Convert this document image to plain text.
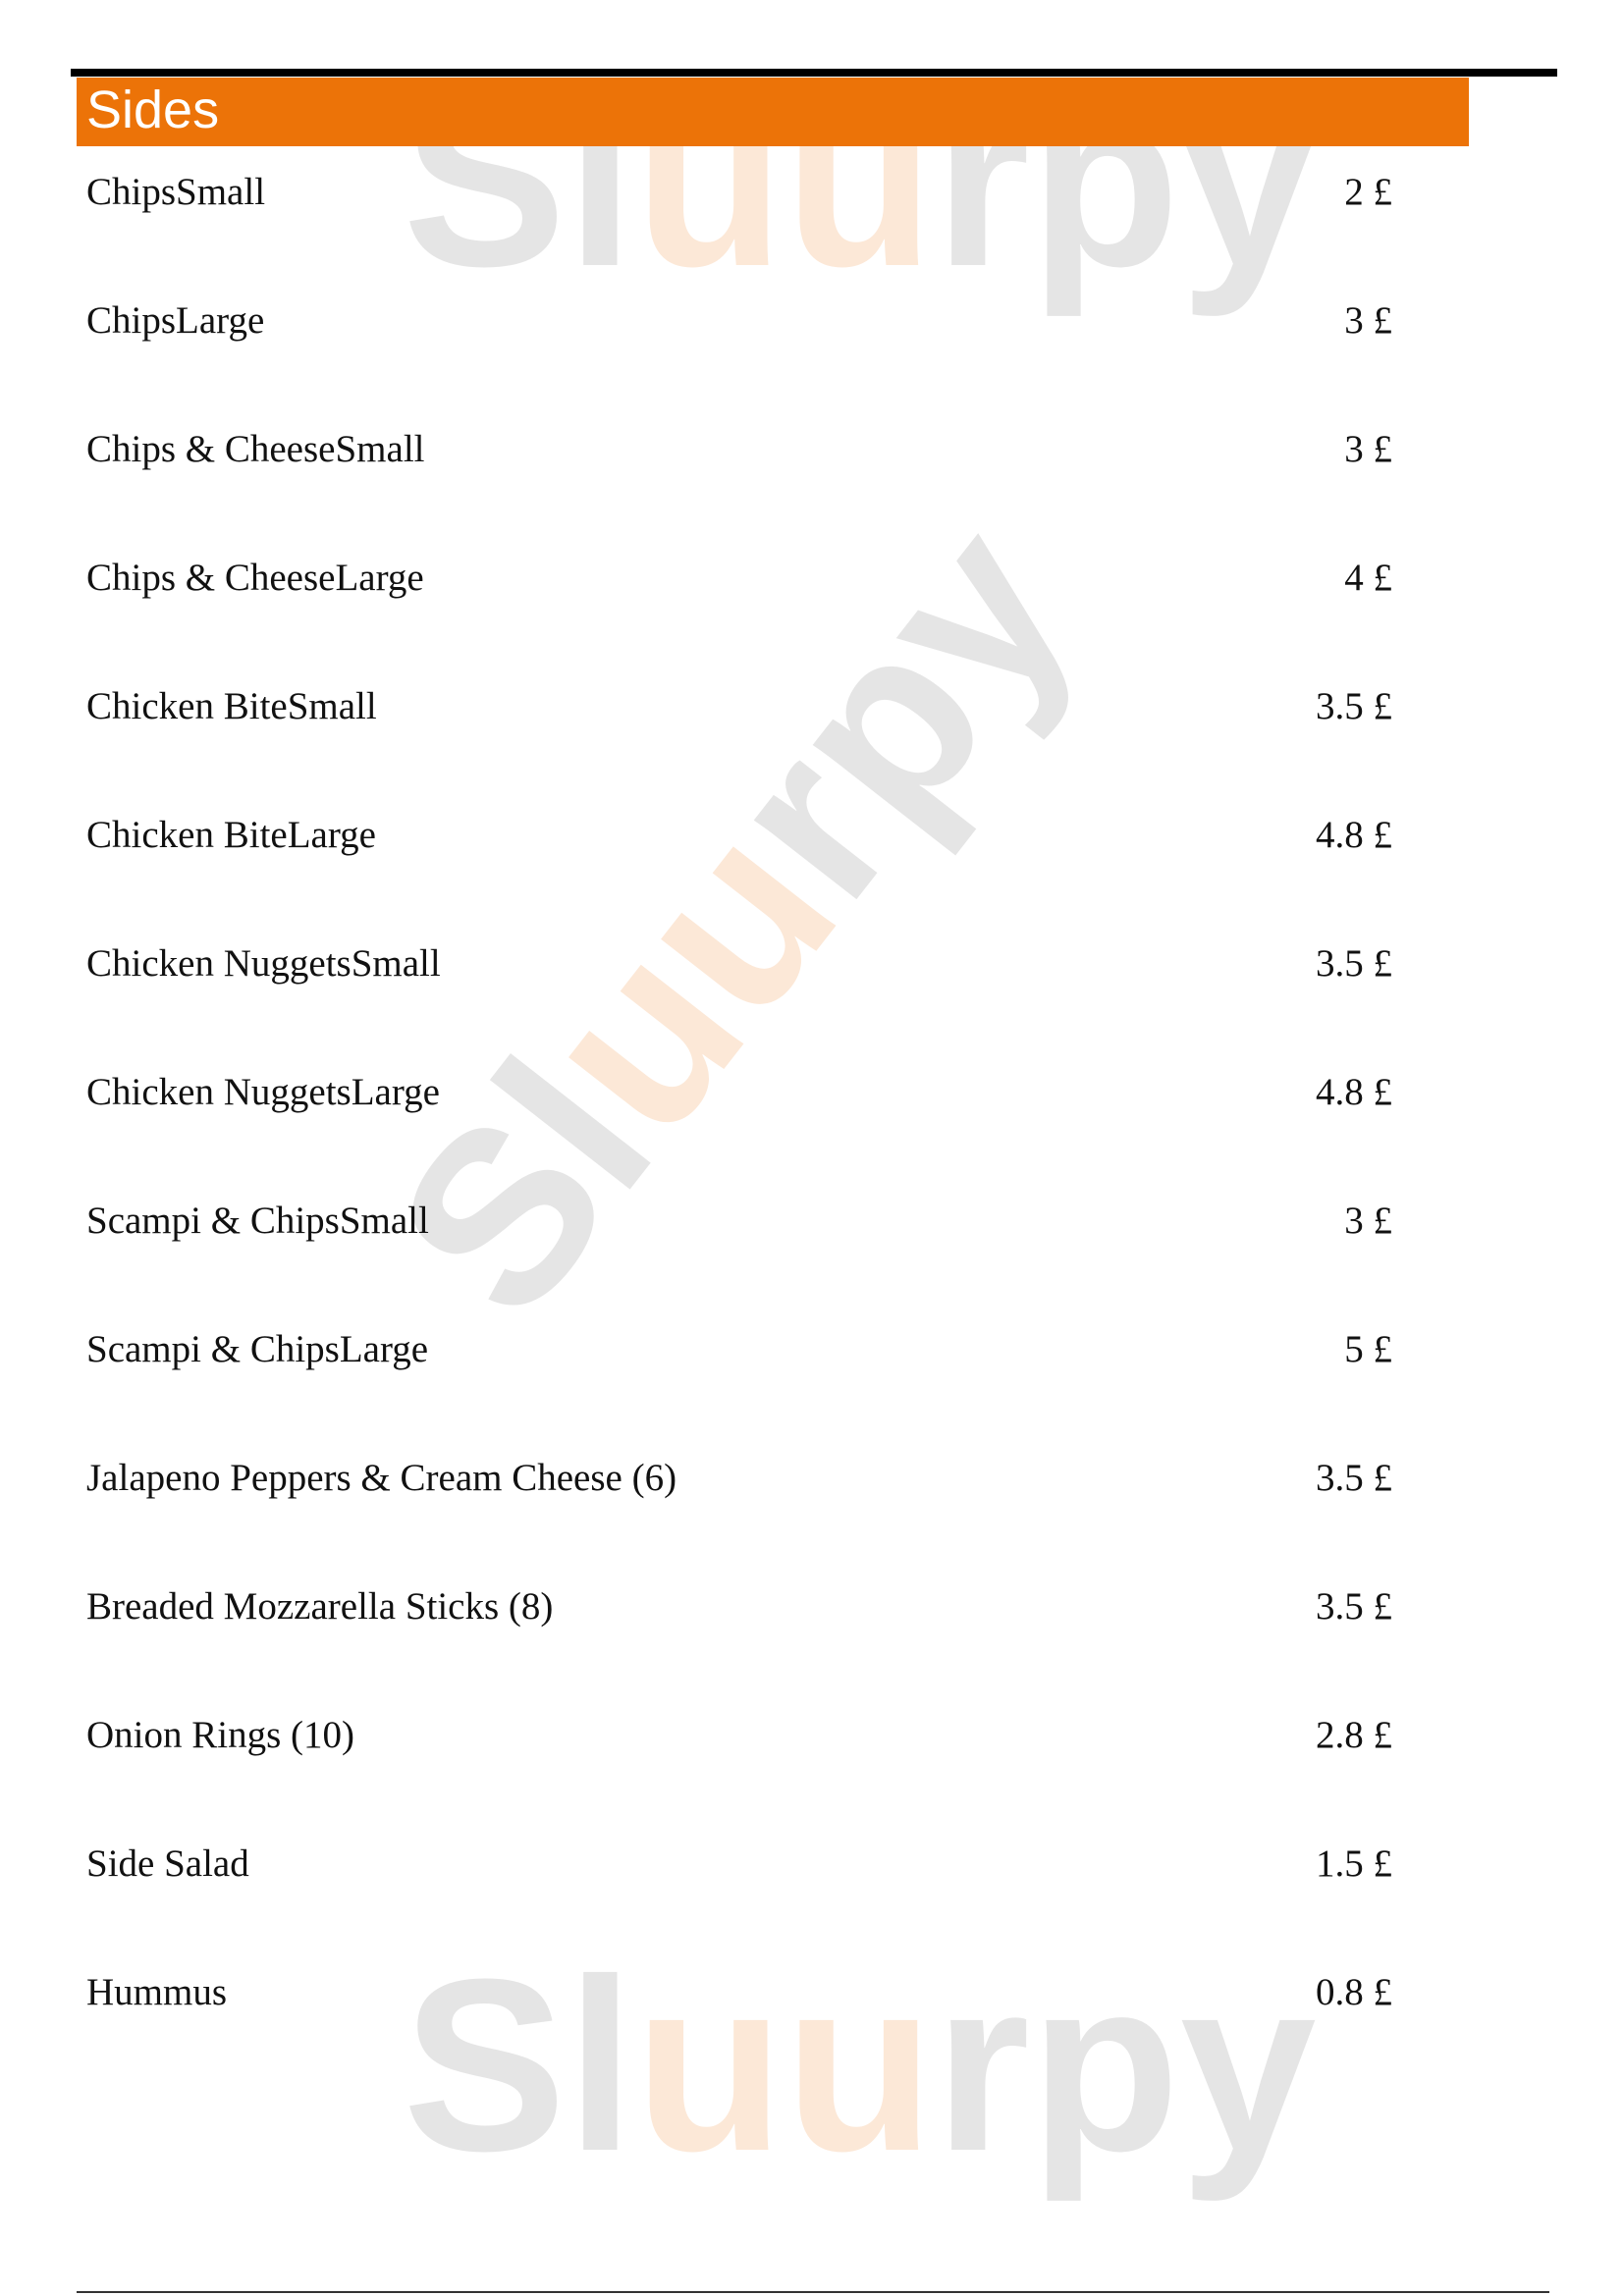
Sluurpy
Sluurpy
Sluurpy
Sides
ChipsSmall	2 £
ChipsLarge	3 £
Chips & CheeseSmall	3 £
Chips & CheeseLarge	4 £
Chicken BiteSmall	3.5 £
Chicken BiteLarge	4.8 £
Chicken NuggetsSmall	3.5 £
Chicken NuggetsLarge	4.8 £
Scampi & ChipsSmall	3 £
Scampi & ChipsLarge	5 £
Jalapeno Peppers & Cream Cheese (6)	3.5 £
Breaded Mozzarella Sticks (8)	3.5 £
Onion Rings (10)	2.8 £
Side Salad	1.5 £
Hummus	0.8 £
